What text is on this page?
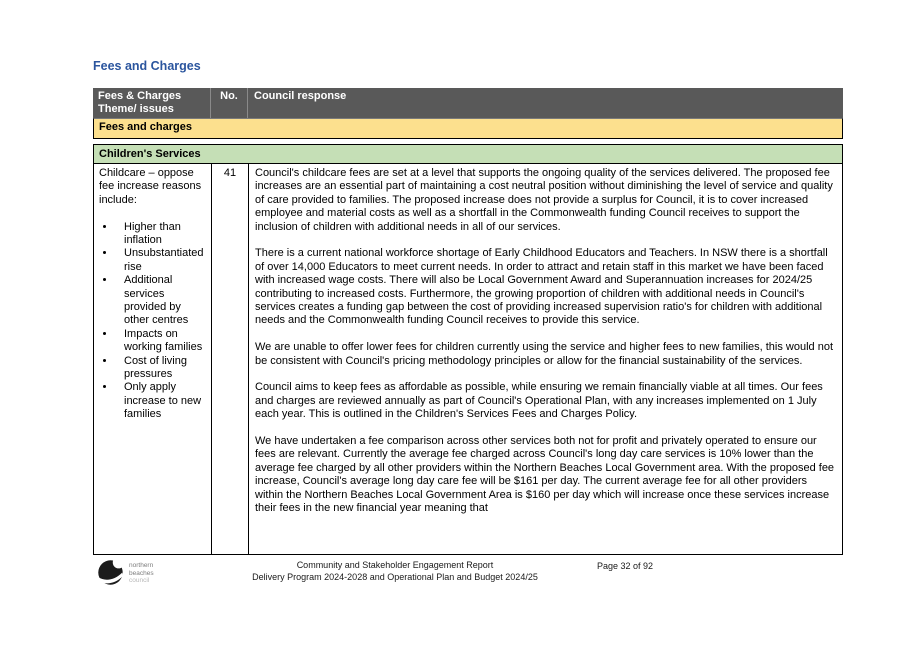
Fees and Charges
Fees & Charges
Theme/ issues
No.	Council response
Fees and charges
Children's Services
Childcare – oppose fee increase reasons include:
• Higher than inflation
• Unsubstantiated rise
• Additional services provided by other centres
• Impacts on working families
• Cost of living pressures
• Only apply increase to new families
41	Council's childcare fees are set at a level that supports the ongoing quality of the services delivered. The proposed fee increases are an essential part of maintaining a cost neutral position without diminishing the level of service and quality of care provided to families. The proposed increase does not provide a surplus for Council, it is to cover increased employee and material costs as well as a shortfall in the Commonwealth funding Council receives to support the inclusion of children with additional needs in all of our services.

There is a current national workforce shortage of Early Childhood Educators and Teachers. In NSW there is a shortfall of over 14,000 Educators to meet current needs. In order to attract and retain staff in this market we have been faced with increased wage costs. There will also be Local Government Award and Superannuation increases for 2024/25 contributing to increased costs. Furthermore, the growing proportion of children with additional needs in Council's services creates a funding gap between the cost of providing increased supervision ratio's for children with additional needs and the Commonwealth funding Council receives to provide this service.

We are unable to offer lower fees for children currently using the service and higher fees to new families, this would not be consistent with Council's pricing methodology principles or allow for the financial sustainability of the services.

Council aims to keep fees as affordable as possible, while ensuring we remain financially viable at all times. Our fees and charges are reviewed annually as part of Council's Operational Plan, with any increases implemented on 1 July each year. This is outlined in the Children's Services Fees and Charges Policy.

We have undertaken a fee comparison across other services both not for profit and privately operated to ensure our fees are relevant. Currently the average fee charged across Council's long day care services is 10% lower than the average fee charged by all other providers within the Northern Beaches Local Government area. With the proposed fee increase, Council's average long day care fee will be $161 per day. The current average fee for all other providers within the Northern Beaches Local Government Area is $160 per day which will increase once these services increase their fees in the new financial year meaning that

northern
beaches
council
Community and Stakeholder Engagement Report
Delivery Program 2024-2028 and Operational Plan and Budget 2024/25
Page 32 of 92
